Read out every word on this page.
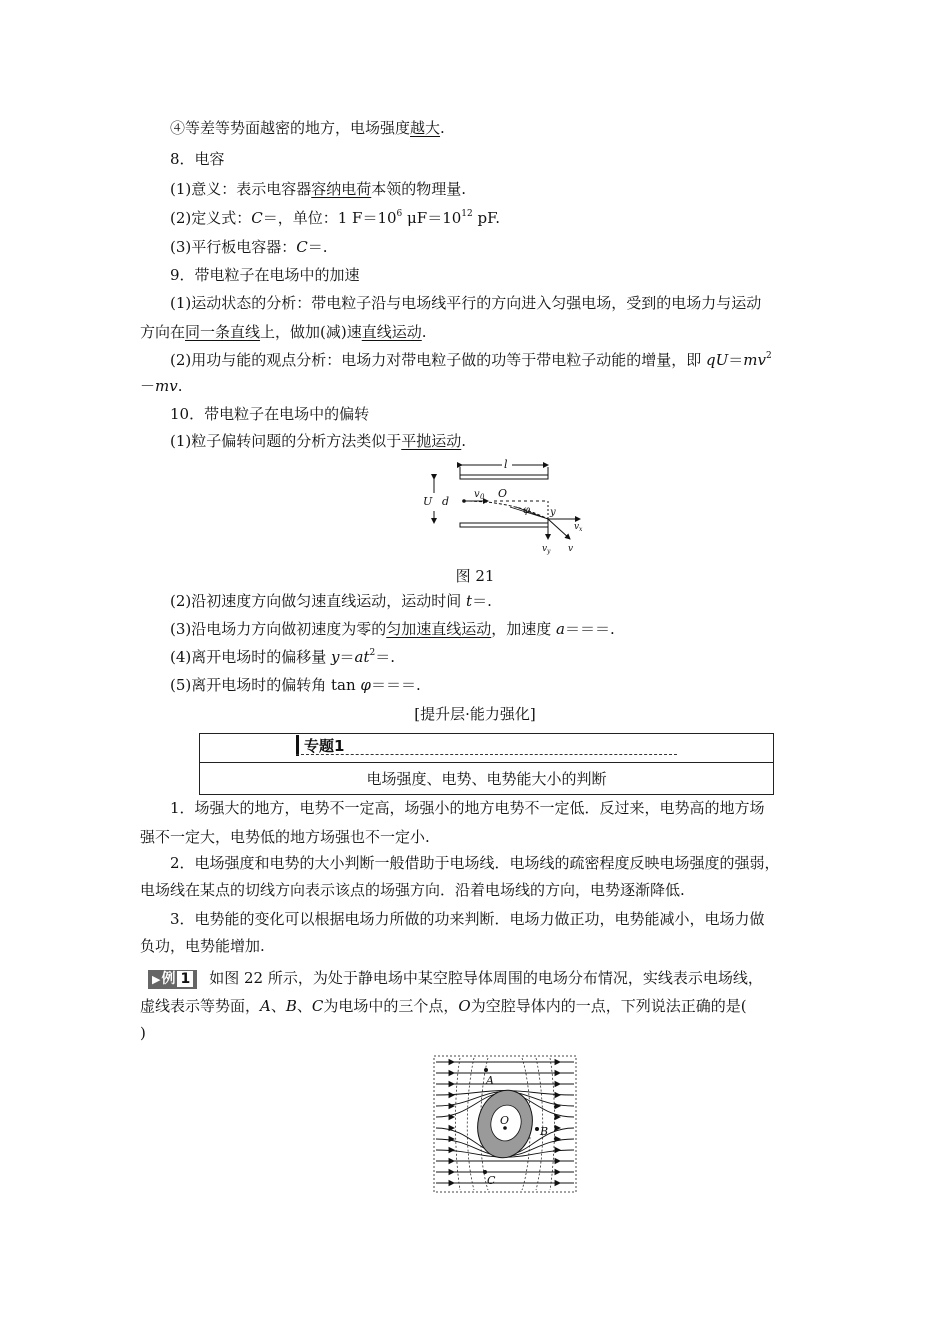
④等差等势面越密的地方，电场强度越大.
8．电容
(1)意义：表示电容器容纳电荷本领的物理量.
(2)定义式：C＝，单位：1 $F=10^6$ $\mu F=10^{12}$ pF.
(3)平行板电容器：C＝.
9．带电粒子在电场中的加速
(1)运动状态的分析：带电粒子沿与电场线平行的方向进入匀强电场，受到的电场力与运动
方向在同一条直线上，做加(减)速直线运动.
(2)用功与能的观点分析：电场力对带电粒子做的功等于带电粒子动能的增量，即 $qU=mv^2$
－mv.
10．带电粒子在电场中的偏转
(1)粒子偏转问题的分析方法类似于平抛运动.
l
U d
v 0 O
φ y
v x
v y v
图 21
(2)沿初速度方向做匀速直线运动，运动时间 t＝.
(3)沿电场力方向做初速度为零的匀加速直线运动，加速度 a＝＝＝.
(4)离开电场时的偏移量 $y=at^2=$.
(5)离开电场时的偏转角 tan φ＝＝＝.
[提升层·能力强化]
专题1
电场强度、电势、电势能大小的判断
1．场强大的地方，电势不一定高，场强小的地方电势不一定低．反过来，电势高的地方场
强不一定大，电势低的地方场强也不一定小.
2．电场强度和电势的大小判断一般借助于电场线．电场线的疏密程度反映电场强度的强弱，
电场线在某点的切线方向表示该点的场强方向．沿着电场线的方向，电势逐渐降低.
3．电势能的变化可以根据电场力所做的功来判断．电场力做正功，电势能减小，电场力做
负功，电势能增加.
▶例 1 如图 22 所示，为处于静电场中某空腔导体周围的电场分布情况，实线表示电场线，
虚线表示等势面，A、B、C为电场中的三个点，O为空腔导体内的一点，下列说法正确的是(
)
A
B
C
O
